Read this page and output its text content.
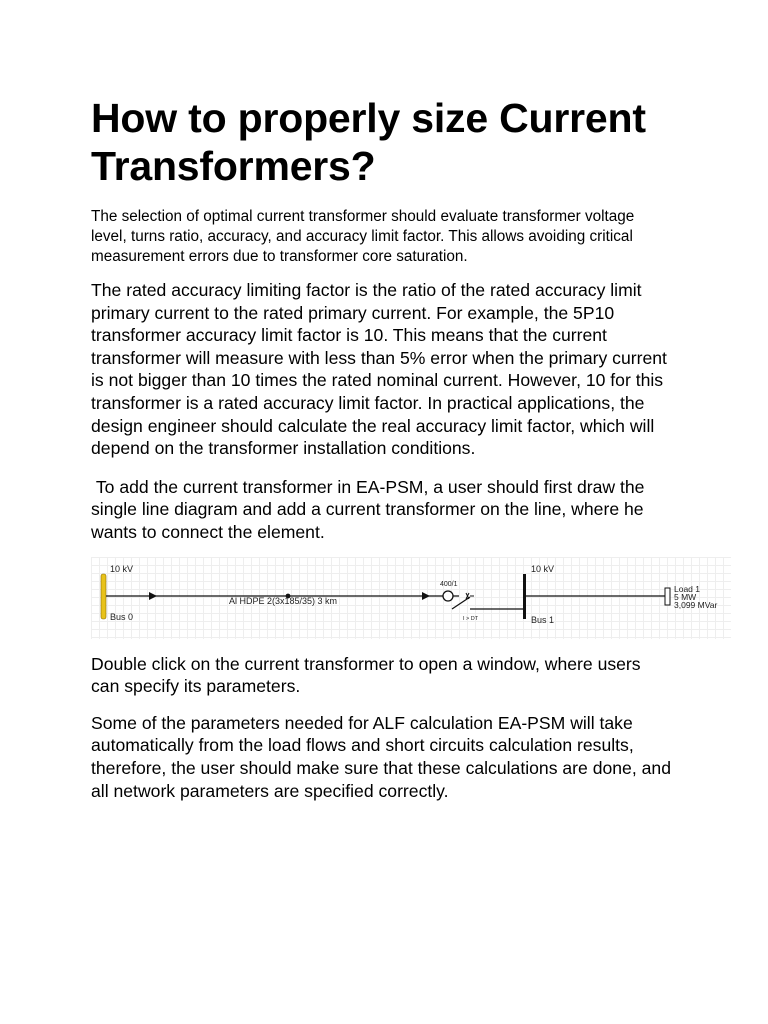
How to properly size Current Transformers?

The selection of optimal current transformer should evaluate transformer voltage level, turns ratio, accuracy, and accuracy limit factor. This allows avoiding critical measurement errors due to transformer core saturation.

The rated accuracy limiting factor is the ratio of the rated accuracy limit primary current to the rated primary current. For example, the 5P10 transformer accuracy limit factor is 10. This means that the current transformer will measure with less than 5% error when the primary current is not bigger than 10 times the rated nominal current. However, 10 for this transformer is a rated accuracy limit factor. In practical applications, the design engineer should calculate the real accuracy limit factor, which will depend on the transformer installation conditions.

To add the current transformer in EA-PSM, a user should first draw the single line diagram and add a current transformer on the line, where he wants to connect the element.

10 kV
Bus 0
Al HDPE 2(3x185/35) 3 km
400/1
I > DT
10 kV
Bus 1
Load 1
5 MW
3,099 MVar

Double click on the current transformer to open a window, where users can specify its parameters.

Some of the parameters needed for ALF calculation EA-PSM will take automatically from the load flows and short circuits calculation results, therefore, the user should make sure that these calculations are done, and all network parameters are specified correctly.
